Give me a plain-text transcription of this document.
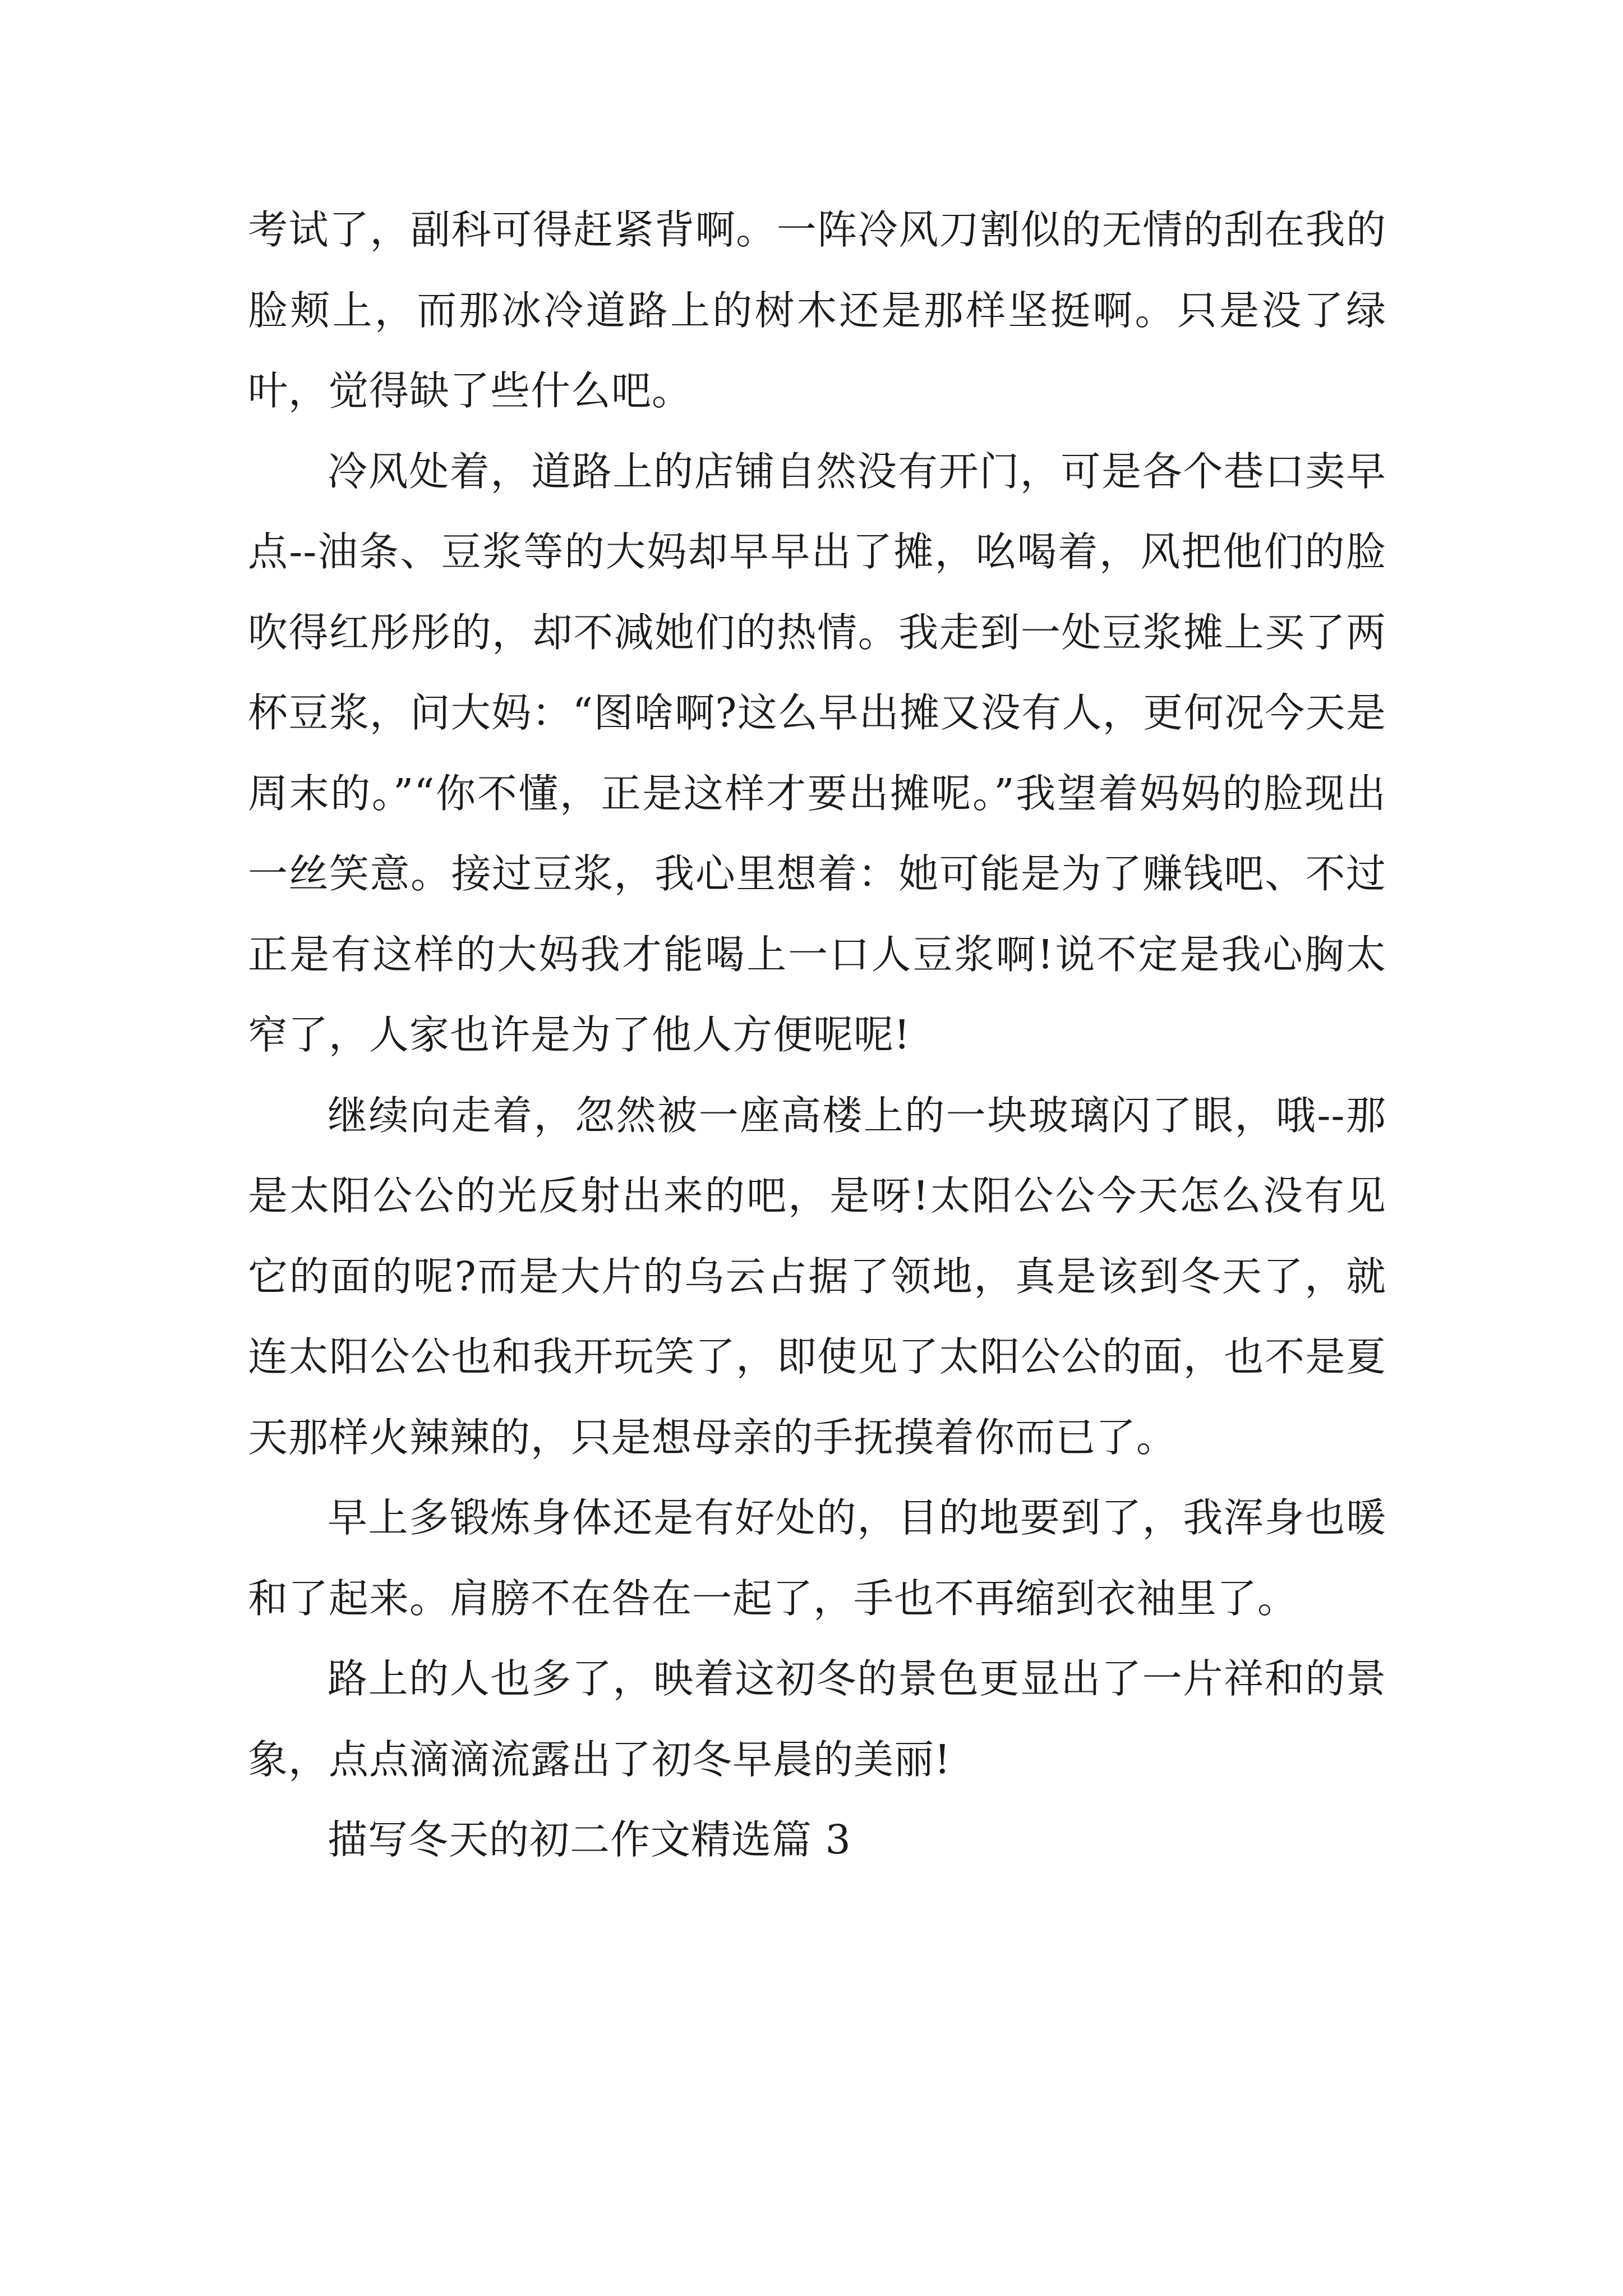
考试了，副科可得赶紧背啊。一阵冷风刀割似的无情的刮在我的脸颊上，而那冰冷道路上的树木还是那样坚挺啊。只是没了绿叶，觉得缺了些什么吧。

冷风处着，道路上的店铺自然没有开门，可是各个巷口卖早点--油条、豆浆等的大妈却早早出了摊，吆喝着，风把他们的脸吹得红彤彤的，却不减她们的热情。我走到一处豆浆摊上买了两杯豆浆，问大妈：“图啥啊?这么早出摊又没有人，更何况今天是周末的。”“你不懂，正是这样才要出摊呢。”我望着妈妈的脸现出一丝笑意。接过豆浆，我心里想着：她可能是为了赚钱吧、不过正是有这样的大妈我才能喝上一口人豆浆啊!说不定是我心胸太窄了，人家也许是为了他人方便呢呢!

继续向走着，忽然被一座高楼上的一块玻璃闪了眼，哦--那是太阳公公的光反射出来的吧，是呀!太阳公公今天怎么没有见它的面的呢?而是大片的乌云占据了领地，真是该到冬天了，就连太阳公公也和我开玩笑了，即使见了太阳公公的面，也不是夏天那样火辣辣的，只是想母亲的手抚摸着你而已了。

早上多锻炼身体还是有好处的，目的地要到了，我浑身也暖和了起来。肩膀不在咎在一起了，手也不再缩到衣袖里了。

路上的人也多了，映着这初冬的景色更显出了一片祥和的景象，点点滴滴流露出了初冬早晨的美丽!

描写冬天的初二作文精选篇 3
